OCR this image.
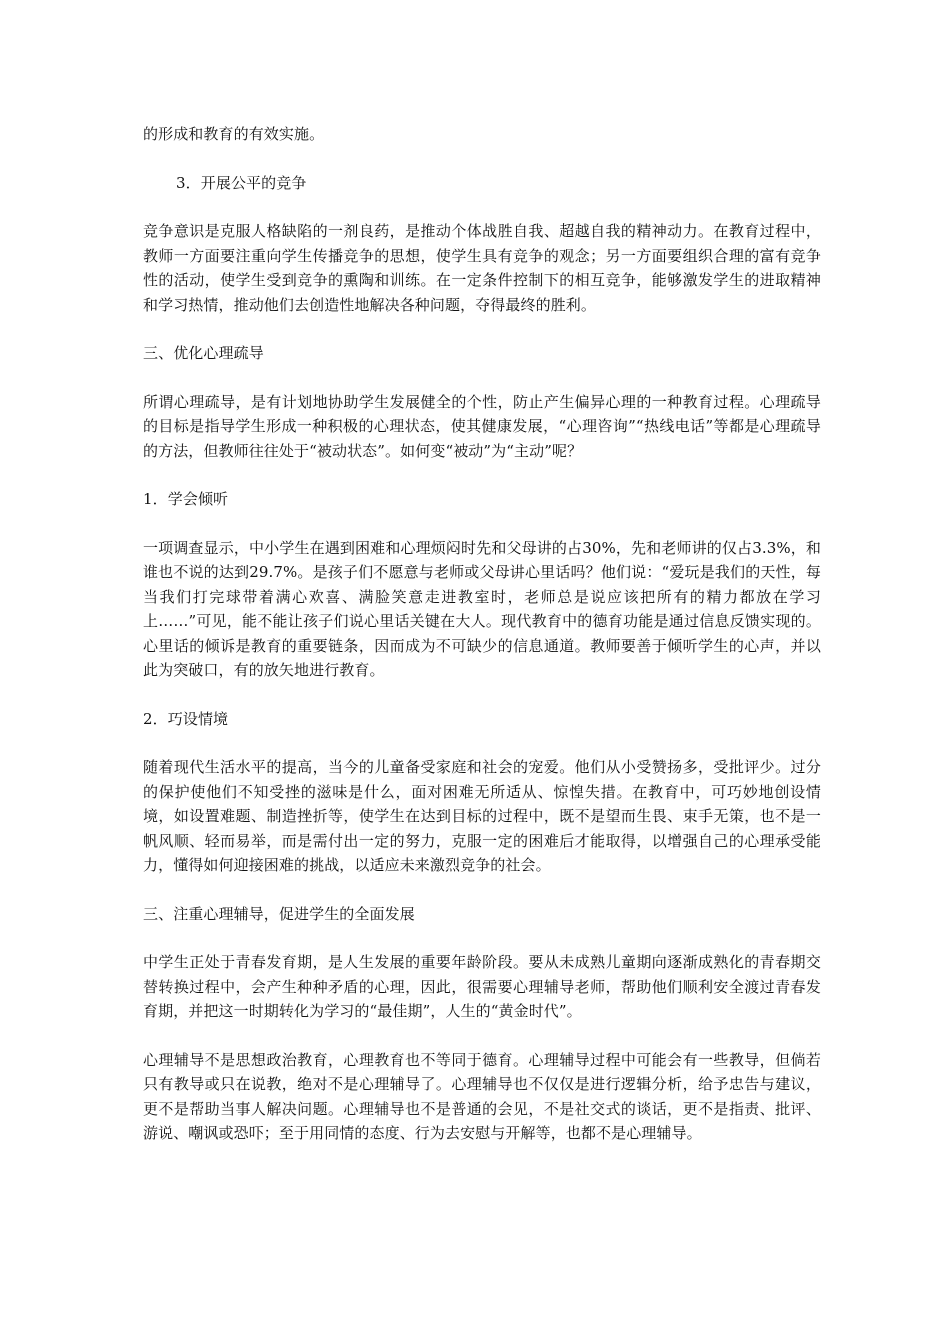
的形成和教育的有效实施。

3．开展公平的竞争

竞争意识是克服人格缺陷的一剂良药，是推动个体战胜自我、超越自我的精神动力。在教育过程中，教师一方面要注重向学生传播竞争的思想，使学生具有竞争的观念；另一方面要组织合理的富有竞争性的活动，使学生受到竞争的熏陶和训练。在一定条件控制下的相互竞争，能够激发学生的进取精神和学习热情，推动他们去创造性地解决各种问题，夺得最终的胜利。

三、优化心理疏导

所谓心理疏导，是有计划地协助学生发展健全的个性，防止产生偏异心理的一种教育过程。心理疏导的目标是指导学生形成一种积极的心理状态，使其健康发展，“心理咨询”“热线电话”等都是心理疏导的方法，但教师往往处于“被动状态”。如何变“被动”为“主动”呢？

1．学会倾听

一项调查显示，中小学生在遇到困难和心理烦闷时先和父母讲的占30%，先和老师讲的仅占3.3%，和谁也不说的达到29.7%。是孩子们不愿意与老师或父母讲心里话吗？他们说：“爱玩是我们的天性，每当我们打完球带着满心欢喜、满脸笑意走进教室时，老师总是说应该把所有的精力都放在学习上……”可见，能不能让孩子们说心里话关键在大人。现代教育中的德育功能是通过信息反馈实现的。心里话的倾诉是教育的重要链条，因而成为不可缺少的信息通道。教师要善于倾听学生的心声，并以此为突破口，有的放矢地进行教育。

2．巧设情境

随着现代生活水平的提高，当今的儿童备受家庭和社会的宠爱。他们从小受赞扬多，受批评少。过分的保护使他们不知受挫的滋味是什么，面对困难无所适从、惊惶失措。在教育中，可巧妙地创设情境，如设置难题、制造挫折等，使学生在达到目标的过程中，既不是望而生畏、束手无策，也不是一帆风顺、轻而易举，而是需付出一定的努力，克服一定的困难后才能取得，以增强自己的心理承受能力，懂得如何迎接困难的挑战，以适应未来激烈竞争的社会。

三、注重心理辅导，促进学生的全面发展

中学生正处于青春发育期，是人生发展的重要年龄阶段。要从未成熟儿童期向逐渐成熟化的青春期交替转换过程中，会产生种种矛盾的心理，因此，很需要心理辅导老师，帮助他们顺利安全渡过青春发育期，并把这一时期转化为学习的“最佳期”，人生的“黄金时代”。

心理辅导不是思想政治教育，心理教育也不等同于德育。心理辅导过程中可能会有一些教导，但倘若只有教导或只在说教，绝对不是心理辅导了。心理辅导也不仅仅是进行逻辑分析，给予忠告与建议，更不是帮助当事人解决问题。心理辅导也不是普通的会见，不是社交式的谈话，更不是指责、批评、游说、嘲讽或恐吓；至于用同情的态度、行为去安慰与开解等，也都不是心理辅导。
